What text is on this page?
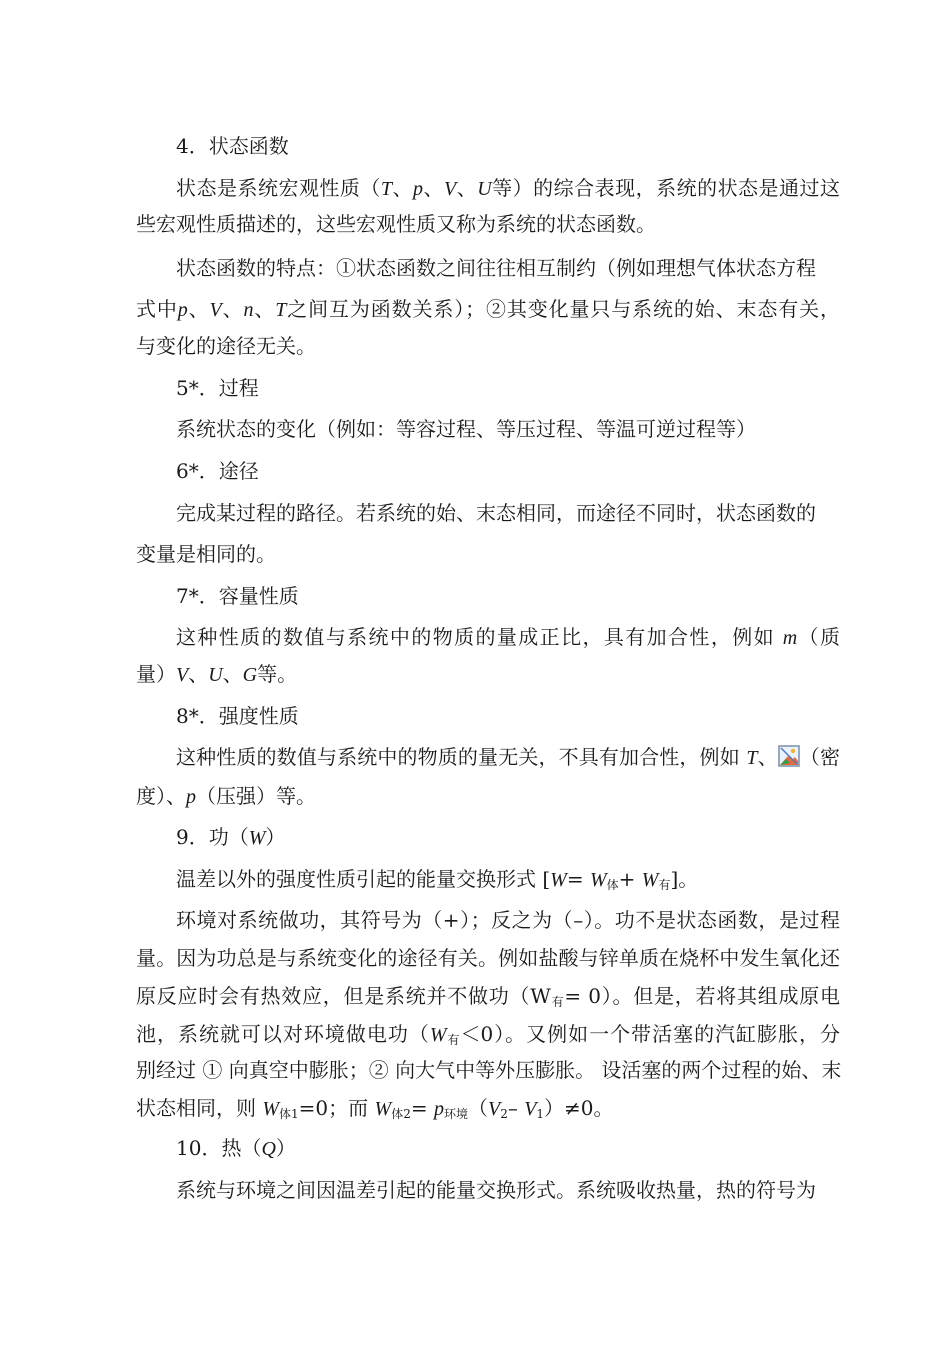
4．状态函数
状态是系统宏观性质（T、p、V、U等）的综合表现，系统的状态是通过这
些宏观性质描述的，这些宏观性质又称为系统的状态函数。
状态函数的特点：①状态函数之间往往相互制约（例如理想气体状态方程
式中p、V、n、T之间互为函数关系）；②其变化量只与系统的始、末态有关，
与变化的途径无关。
5*．过程
系统状态的变化（例如：等容过程、等压过程、等温可逆过程等）
6*．途径
完成某过程的路径。若系统的始、末态相同，而途径不同时，状态函数的
变量是相同的。
7*．容量性质
这种性质的数值与系统中的物质的量成正比，具有加合性，例如 m（质
量）V、U、G等。
8*．强度性质
这种性质的数值与系统中的物质的量无关，不具有加合性，例如 T、 （密
度）、p（压强）等。
9．功（W）
温差以外的强度性质引起的能量交换形式 $[W= W_体+ W_有]$。
环境对系统做功，其符号为（+）；反之为（–）。功不是状态函数，是过程
量。因为功总是与系统变化的途径有关。例如盐酸与锌单质在烧杯中发生氧化还
原反应时会有热效应，但是系统并不做功$(W_有= 0)$。但是，若将其组成原电
池，系统就可以对环境做电功$(W_有<0)$。又例如一个带活塞的汽缸膨胀，分
别经过 ① 向真空中膨胀；② 向大气中等外压膨胀。 设活塞的两个过程的始、末
状态相同，则 $W_{体1}=0$；而 $W_{体2}= p_{环境}(V_2-$ $V_1)\ne 0$。
10．热（Q）
系统与环境之间因温差引起的能量交换形式。系统吸收热量，热的符号为
